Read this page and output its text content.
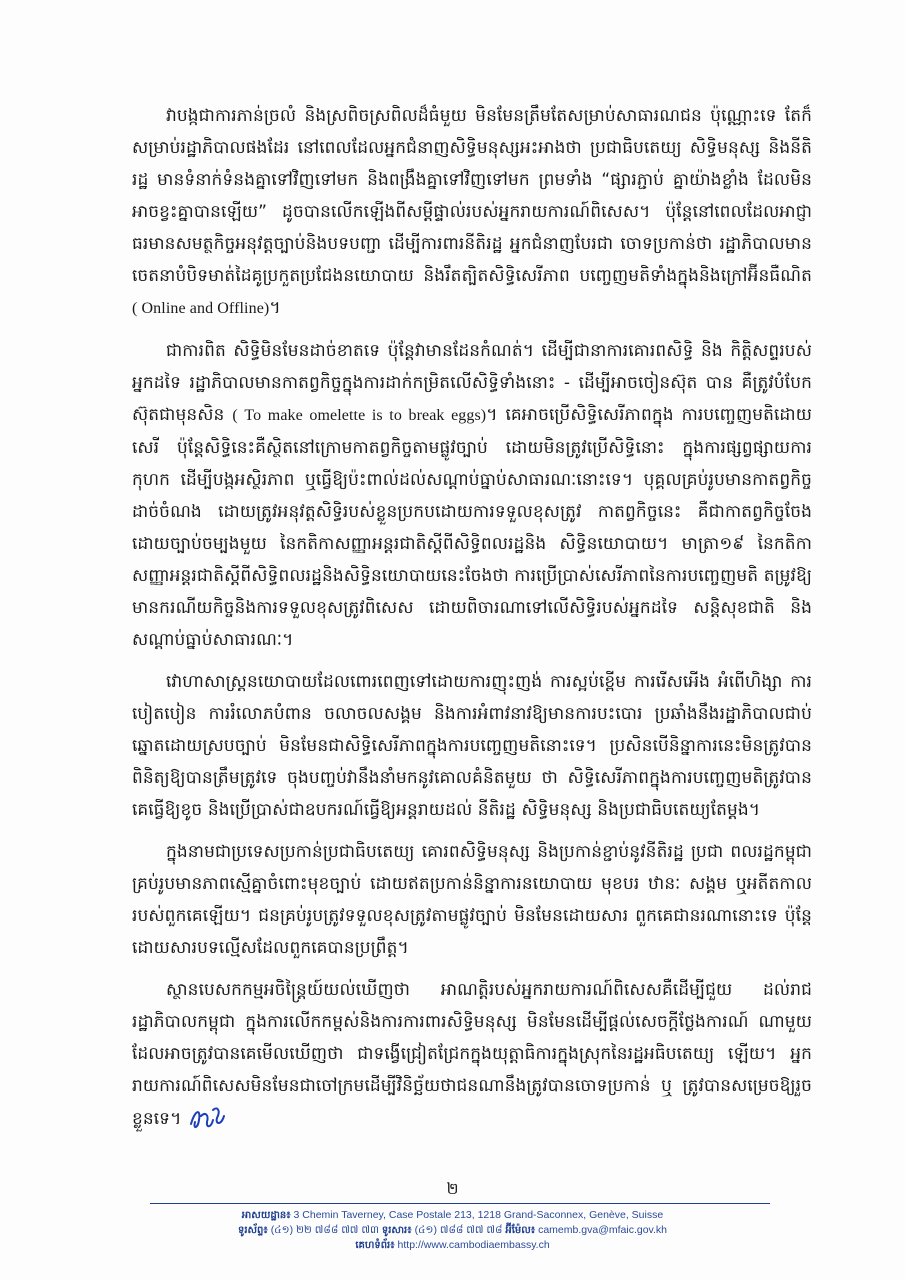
វាបង្កជាការភាន់ច្រលំ និងស្រពិចស្រពិលដ៏ធំមួយ មិនមែនត្រឹមតែសម្រាប់សាធារណជន ប៉ុណ្ណោះទេ តែក៏សម្រាប់រដ្ឋាភិបាលផងដែរ នៅពេលដែលអ្នកជំនាញសិទ្ធិមនុស្សអះអាងថា ប្រជាធិបតេយ្យ សិទ្ធិមនុស្ស និងនីតិរដ្ឋ មានទំនាក់ទំនងគ្នាទៅវិញទៅមក និងពង្រឹងគ្នាទៅវិញទៅមក ព្រមទាំង “ផ្សារភ្ជាប់ គ្នាយ៉ាងខ្លាំង ដែលមិនអាចខ្វះគ្នាបានឡើយ” ដូចបានលើកឡើងពីសម្ដីផ្ទាល់របស់អ្នករាយការណ៍ពិសេស។ ប៉ុន្តែនៅពេលដែលអាជ្ញាធរមានសមត្ថកិច្ចអនុវត្តច្បាប់និងបទបញ្ជា ដើម្បីការពារនីតិរដ្ឋ អ្នកជំនាញបែរជា ចោទប្រកាន់ថា រដ្ឋាភិបាលមានចេតនាបំបិទមាត់ដៃគូប្រកួតប្រជែងនយោបាយ និងរឹតត្បិតសិទ្ធិសេរីភាព បញ្ចេញមតិទាំងក្នុងនិងក្រៅអ៊ីនធឺណិត ( Online and Offline)។

ជាការពិត សិទ្ធិមិនមែនដាច់ខាតទេ ប៉ុន្តែវាមានដែនកំណត់។ ដើម្បីជានាការគោរពសិទ្ធិ និង កិត្តិសព្ទរបស់អ្នកដទៃ រដ្ឋាភិបាលមានកាតព្វកិច្ចក្នុងការដាក់កម្រិតលើសិទ្ធិទាំងនោះ - ដើម្បីអាចចៀនស៊ុត បាន គឺត្រូវបំបែកស៊ុតជាមុនសិន ( To make omelette is to break eggs)។ គេអាចប្រើសិទ្ធិសេរីភាពក្នុង ការបញ្ចេញមតិដោយសេរី ប៉ុន្តែសិទ្ធិនេះគឺស្ថិតនៅក្រោមកាតព្វកិច្ចតាមផ្លូវច្បាប់ ដោយមិនត្រូវប្រើសិទ្ធិនោះ ក្នុងការផ្សព្វផ្សាយការកុហក ដើម្បីបង្កអស្ថិរភាព ឬធ្វើឱ្យប៉ះពាល់ដល់សណ្ដាប់ធ្នាប់សាធារណៈនោះទេ។ បុគ្គលគ្រប់រូបមានកាតព្វកិច្ចដាច់ចំណង ដោយត្រូវអនុវត្តសិទ្ធិរបស់ខ្លួនប្រកបដោយការទទួលខុសត្រូវ កាតព្វកិច្ចនេះ គឺជាកាតព្វកិច្ចចែងដោយច្បាប់ចម្បងមួយ នៃកតិកាសញ្ញាអន្តរជាតិស្តីពីសិទ្ធិពលរដ្ឋនិង សិទ្ធិនយោបាយ។ មាត្រា១៩ នៃកតិកាសញ្ញាអន្តរជាតិស្តីពីសិទ្ធិពលរដ្ឋនិងសិទ្ធិនយោបាយនេះចែងថា ការប្រើប្រាស់សេរីភាពនៃការបញ្ចេញមតិ តម្រូវឱ្យមានករណីយកិច្ចនិងការទទួលខុសត្រូវពិសេស ដោយពិចារណាទៅលើសិទ្ធិរបស់អ្នកដទៃ សន្តិសុខជាតិ និងសណ្ដាប់ធ្នាប់សាធារណៈ។

វោហាសាស្ត្រនយោបាយដែលពោរពេញទៅដោយការញុះញង់ ការស្អប់ខ្ពើម ការរើសអើង អំពើហិង្សា ការបៀតបៀន ការរំលោភបំពាន ចលាចលសង្គម និងការអំពាវនាវឱ្យមានការបះបោរ ប្រឆាំងនឹងរដ្ឋាភិបាលជាប់ឆ្នោតដោយស្របច្បាប់ មិនមែនជាសិទ្ធិសេរីភាពក្នុងការបញ្ចេញមតិនោះទេ។ ប្រសិនបើនិន្នាការនេះមិនត្រូវបានពិនិត្យឱ្យបានត្រឹមត្រូវទេ ចុងបញ្ចប់វានឹងនាំមកនូវគោលគំនិតមួយ ថា សិទ្ធិសេរីភាពក្នុងការបញ្ចេញមតិត្រូវបានគេធ្វើឱ្យខូច និងប្រើប្រាស់ជាឧបករណ៍ធ្វើឱ្យអន្តរាយដល់ នីតិរដ្ឋ សិទ្ធិមនុស្ស និងប្រជាធិបតេយ្យតែម្ដង។

ក្នុងនាមជាប្រទេសប្រកាន់ប្រជាធិបតេយ្យ គោរពសិទ្ធិមនុស្ស និងប្រកាន់ខ្ជាប់នូវនីតិរដ្ឋ ប្រជា ពលរដ្ឋកម្ពុជាគ្រប់រូបមានភាពស្មើគ្នាចំពោះមុខច្បាប់ ដោយឥតប្រកាន់និន្នាការនយោបាយ មុខបរ ឋានៈ សង្គម ឬអតីតកាលរបស់ពួកគេឡើយ។ ជនគ្រប់រូបត្រូវទទួលខុសត្រូវតាមផ្លូវច្បាប់ មិនមែនដោយសារ ពួកគេជានរណានោះទេ ប៉ុន្តែដោយសារបទល្មើសដែលពួកគេបានប្រព្រឹត្ត។

ស្ថានបេសកកម្មអចិន្ត្រៃយ៍យល់ឃើញថា អាណត្តិរបស់អ្នករាយការណ៍ពិសេសគឺដើម្បីជួយ ដល់រាជរដ្ឋាភិបាលកម្ពុជា ក្នុងការលើកកម្ពស់និងការការពារសិទ្ធិមនុស្ស មិនមែនដើម្បីផ្តល់សេចក្ដីថ្លែងការណ៍ ណាមួយ ដែលអាចត្រូវបានគេមើលឃើញថា ជាទង្វើជ្រៀតជ្រែកក្នុងយុត្តាធិការក្នុងស្រុកនៃរដ្ឋអធិបតេយ្យ ឡើយ។ អ្នករាយការណ៍ពិសេសមិនមែនជាចៅក្រមដើម្បីវិនិច្ឆ័យថាជនណានឹងត្រូវបានចោទប្រកាន់ ឬ ត្រូវបានសម្រេចឱ្យរួចខ្លួនទេ។

២
អាសយដ្ឋាន៖ 3 Chemin Taverney, Case Postale 213, 1218 Grand-Saconnex, Genève, Suisse
ទូរស័ព្ទ៖ (៤១) ២២ ៧៨៨ ៧៧ ៧៣ ទូរសារ៖ (៤១) ៧៨៨ ៧៧ ៧៨ អ៊ីម៉ែល៖ camemb.gva@mfaic.gov.kh
គេហទំព័រ៖ http://www.cambodiaembassy.ch
